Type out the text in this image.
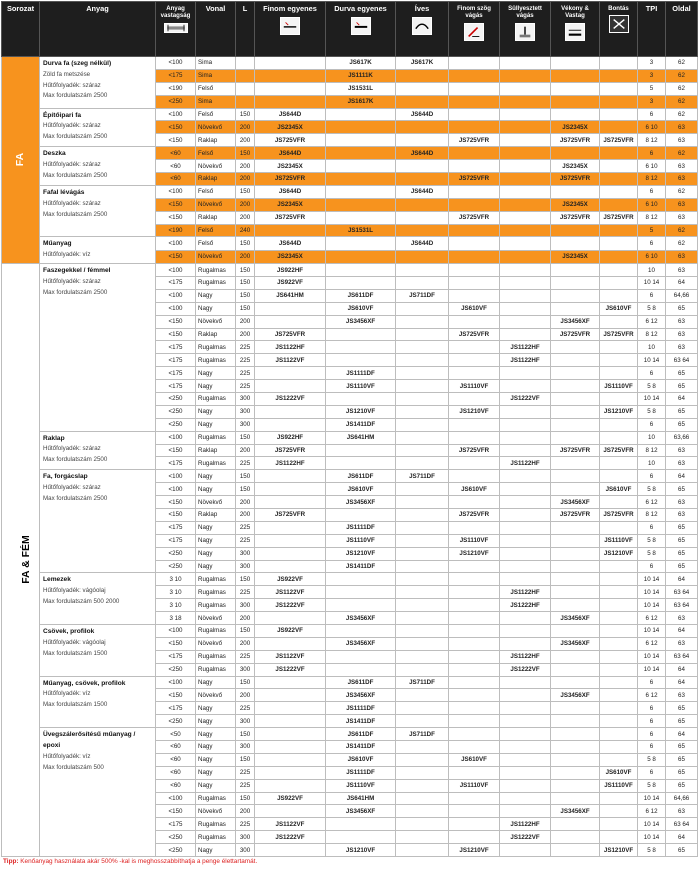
Sorozat	Anyag	Anyag vastagság	Vonal	L	Finom egyenes	Durva egyenes	Íves	Finom szög vágás	Süllyesztett vágás	Vékony & Vastag	Bontás	TPI	Oldal
FA	Durva fa (szeg nélkül)
Zöld fa metszése
Hűtőfolyadék: száraz
Max fordulatszám 2500	<100	Sima			JS617K	JS617K					3	62
		<175	Sima			JS1111K						3	62
		<190	Felső			JS1531L						5	62
		<250	Sima			JS1617K						3	62

	Építőipari fa
Hűtőfolyadék: száraz
Max fordulatszám 2500	<100	Felső	150	JS644D		JS644D					6	62
		<150	Növekvő	200	JS2345X					JS2345X		6 10	63
		<150	Raklap	200	JS725VFR			JS725VFR		JS725VFR	JS725VFR	8 12	63

	Deszka
Hűtőfolyadék: száraz
Max fordulatszám 2500	<60	Felső	150	JS644D		JS644D					6	62
		<60	Növekvő	200	JS2345X					JS2345X		6 10	63
		<60	Raklap	200	JS725VFR			JS725VFR		JS725VFR		8 12	63

	Fafal lévágás
Hűtőfolyadék: száraz
Max fordulatszám 2500	<100	Felső	150	JS644D		JS644D					6	62
		<150	Növekvő	200	JS2345X					JS2345X		6 10	63
		<150	Raklap	200	JS725VFR			JS725VFR		JS725VFR	JS725VFR	8 12	63
		<190	Felső	240		JS1531L						5	62

	Műanyag
Hűtőfolyadék: víz	<100	Felső	150	JS644D		JS644D					6	62
		<150	Növekvő	200	JS2345X					JS2345X		6 10	63
FA & FÉM	Faszegekkel / fémmel
Hűtőfolyadék: száraz
Max fordulatszám 2500	<100	Rugalmas	150	JS922HF							10	63
		<175	Rugalmas	150	JS922VF							10 14	64
		<100	Nagy	150	JS641HM	JS611DF	JS711DF					6	64,66
		<100	Nagy	150		JS610VF		JS610VF			JS610VF	5 8	65
		<150	Növekvő	200		JS3456XF				JS3456XF		6 12	63
		<150	Raklap	200	JS725VFR			JS725VFR		JS725VFR	JS725VFR	8 12	63
		<175	Rugalmas	225	JS1122HF				JS1122HF			10	63
		<175	Rugalmas	225	JS1122VF				JS1122HF			10 14	63 64
		<175	Nagy	225		JS1111DF						6	65
		<175	Nagy	225		JS1110VF		JS1110VF			JS1110VF	5 8	65
		<250	Rugalmas	300	JS1222VF				JS1222VF			10 14	64
		<250	Nagy	300		JS1210VF		JS1210VF			JS1210VF	5 8	65
		<250	Nagy	300		JS1411DF						6	65

	Raklap
Hűtőfolyadék: száraz
Max fordulatszám 2500	<100	Rugalmas	150	JS922HF	JS641HM						10	63,66
		<150	Raklap	200	JS725VFR			JS725VFR		JS725VFR	JS725VFR	8 12	63
		<175	Rugalmas	225	JS1122HF				JS1122HF			10	63

	Fa, forgácslap
Hűtőfolyadék: száraz
Max fordulatszám 2500	<100	Nagy	150		JS611DF	JS711DF					6	64
		<100	Nagy	150		JS610VF		JS610VF			JS610VF	5 8	65
		<150	Növekvő	200		JS3456XF				JS3456XF		6 12	63
		<150	Raklap	200	JS725VFR			JS725VFR		JS725VFR	JS725VFR	8 12	63
		<175	Nagy	225		JS1111DF						6	65
		<175	Nagy	225		JS1110VF		JS1110VF			JS1110VF	5 8	65
		<250	Nagy	300		JS1210VF		JS1210VF			JS1210VF	5 8	65
		<250	Nagy	300		JS1411DF						6	65

	Lemezek
Hűtőfolyadék: vágóolaj
Max fordulatszám 500 2000	3 10	Rugalmas	150	JS922VF							10 14	64
		3 10	Rugalmas	225	JS1122VF				JS1122HF			10 14	63 64
		3 10	Rugalmas	300	JS1222VF				JS1222HF			10 14	63 64
		3 18	Növekvő	200		JS3456XF				JS3456XF		6 12	63

	Csövek, profilok
Hűtőfolyadék: vágóolaj
Max fordulatszám 1500	<100	Rugalmas	150	JS922VF							10 14	64
		<150	Növekvő	200		JS3456XF				JS3456XF		6 12	63
		<175	Rugalmas	225	JS1122VF				JS1122HF			10 14	63 64
		<250	Rugalmas	300	JS1222VF				JS1222VF			10 14	64

	Műanyag, csövek, profilok
Hűtőfolyadék: víz
Max fordulatszám 1500	<100	Nagy	150		JS611DF	JS711DF					6	64
		<150	Növekvő	200		JS3456XF				JS3456XF		6 12	63
		<175	Nagy	225		JS1111DF						6	65
		<250	Nagy	300		JS1411DF						6	65

	Üvegszálerősítésű műanyag / epoxi
Hűtőfolyadék: víz
Max fordulatszám 500	<50	Nagy	150		JS611DF	JS711DF					6	64
		<60	Nagy	300		JS1411DF						6	65
		<60	Nagy	150		JS610VF		JS610VF				5 8	65
		<60	Nagy	225		JS1111DF					JS610VF	6	65
		<60	Nagy	225		JS1110VF		JS1110VF			JS1110VF	5 8	65
		<100	Rugalmas	150	JS922VF	JS641HM						10 14	64,66
		<150	Növekvő	200		JS3456XF				JS3456XF		6 12	63
		<175	Rugalmas	225	JS1122VF				JS1122HF			10 14	63 64
		<250	Rugalmas	300	JS1222VF				JS1222VF			10 14	64
		<250	Nagy	300		JS1210VF		JS1210VF			JS1210VF	5 8	65
Tipp: Kenőanyag használata akár 500% -kal is meghosszabbíthatja a penge élettartamát.
